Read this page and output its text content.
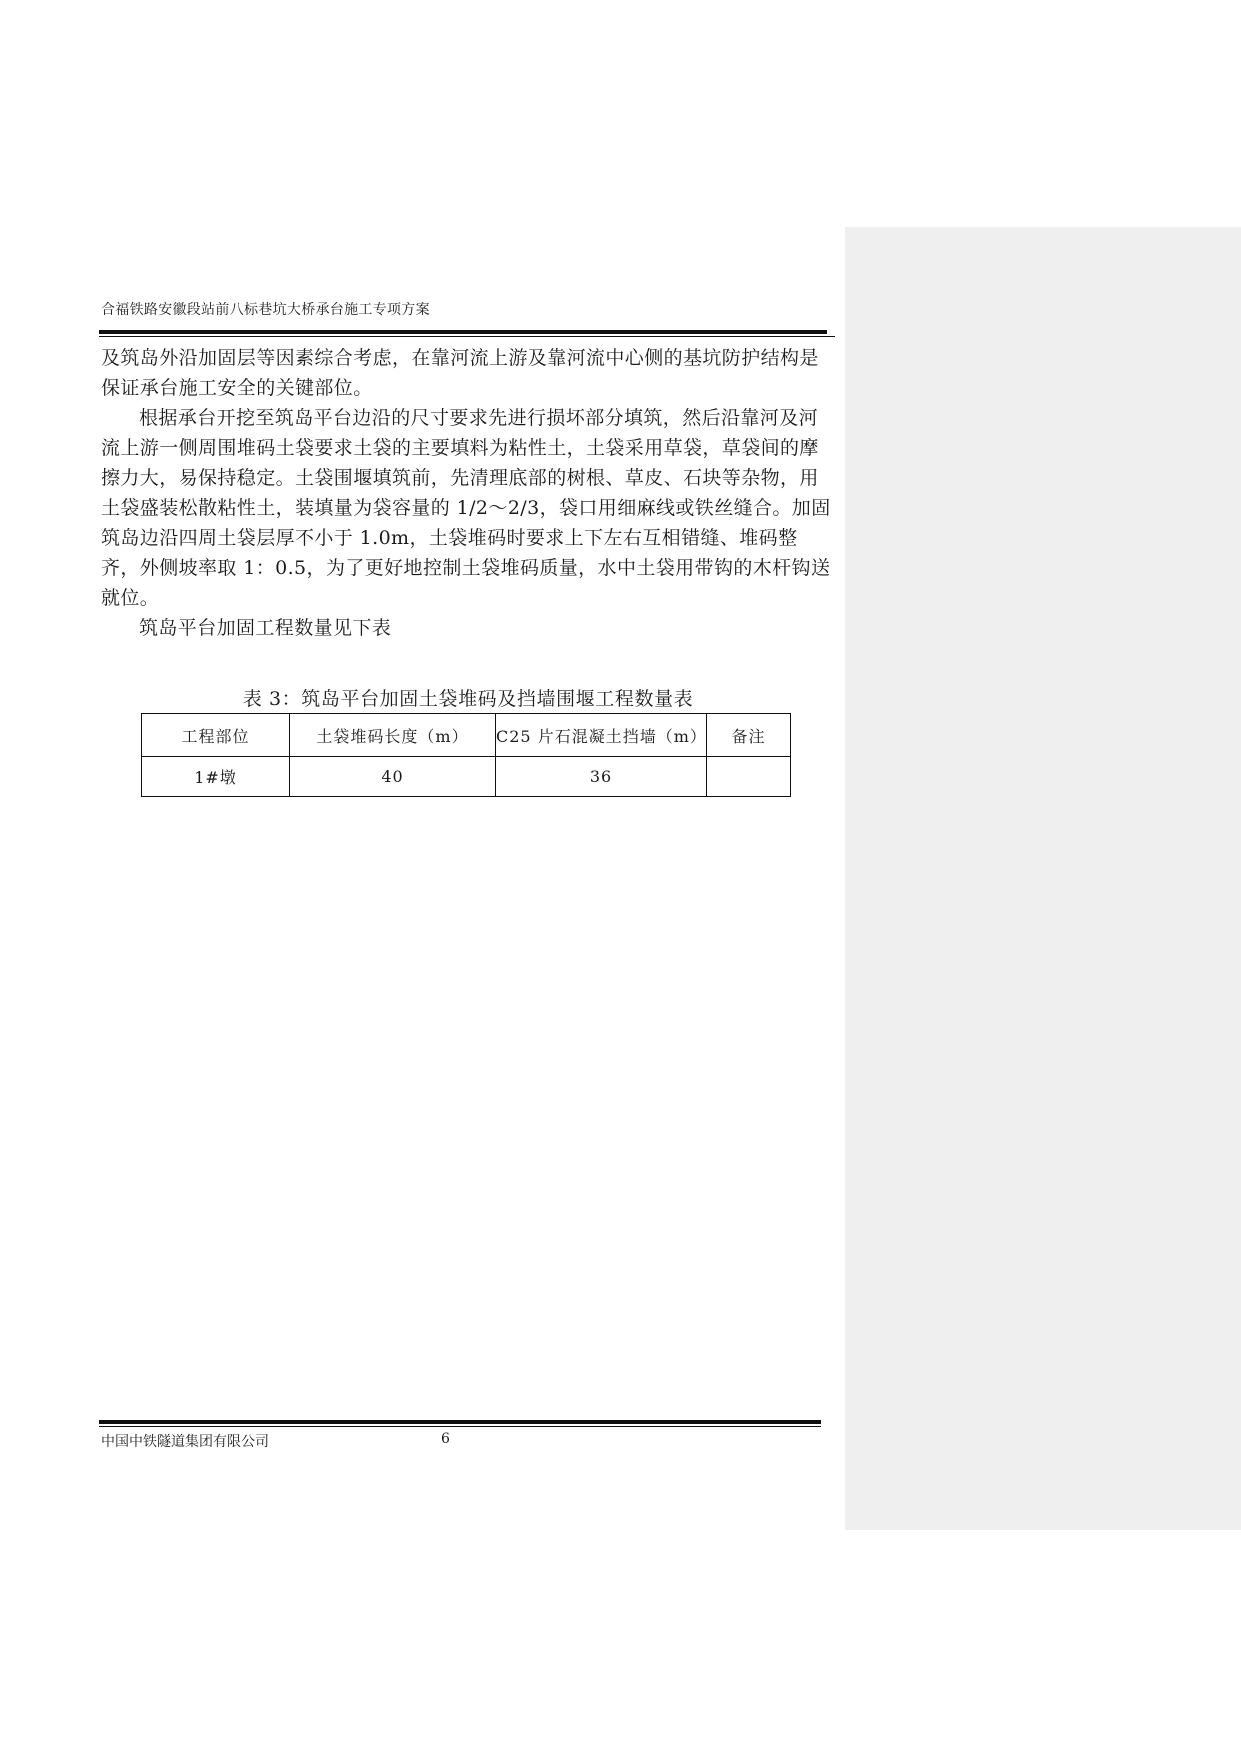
合福铁路安徽段站前八标巷坑大桥承台施工专项方案

及筑岛外沿加固层等因素综合考虑，在靠河流上游及靠河流中心侧的基坑防护结构是保证承台施工安全的关键部位。

根据承台开挖至筑岛平台边沿的尺寸要求先进行损坏部分填筑，然后沿靠河及河流上游一侧周围堆码土袋要求土袋的主要填料为粘性土，土袋采用草袋，草袋间的摩擦力大，易保持稳定。土袋围堰填筑前，先清理底部的树根、草皮、石块等杂物，用土袋盛装松散粘性土，装填量为袋容量的 1/2～2/3，袋口用细麻线或铁丝缝合。加固筑岛边沿四周土袋层厚不小于 1.0m，土袋堆码时要求上下左右互相错缝、堆码整齐，外侧坡率取 1：0.5，为了更好地控制土袋堆码质量，水中土袋用带钩的木杆钩送就位。

筑岛平台加固工程数量见下表

表 3：筑岛平台加固土袋堆码及挡墙围堰工程数量表
工程部位	土袋堆码长度（m）	C25 片石混凝土挡墙（m）	备注
1#墩	40	36	
中国中铁隧道集团有限公司	6
